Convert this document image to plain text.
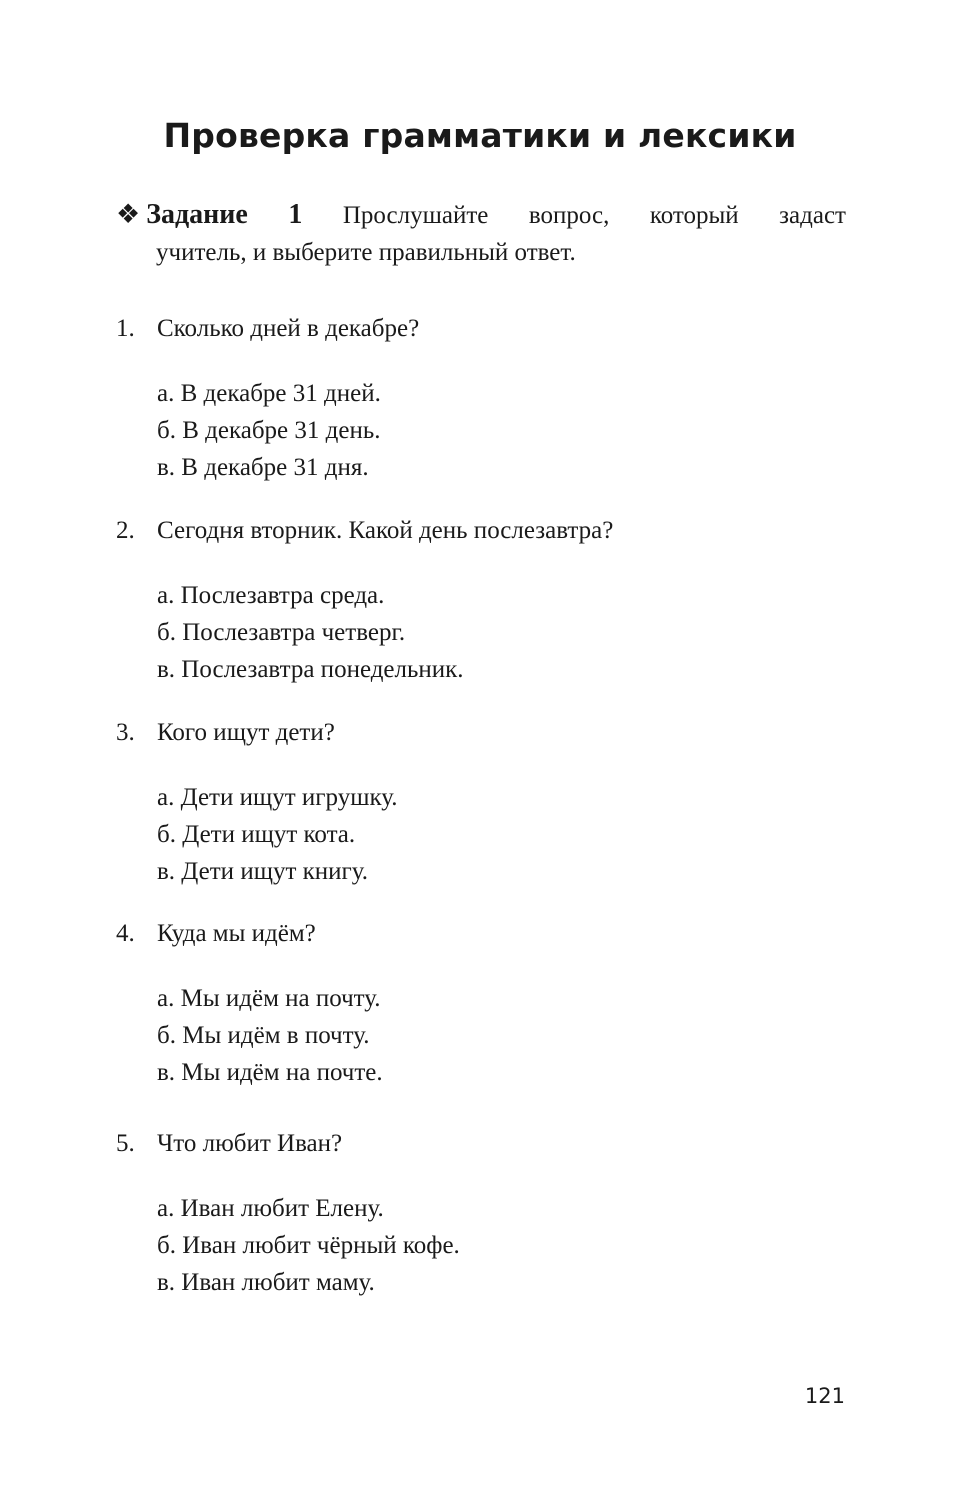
Проверка грамматики и лексики
❖ Задание 1 Прослушайте вопрос, который задаст
учитель, и выберите правильный ответ.
1. Сколько дней в декабре?
а. В декабре 31 дней.
б. В декабре 31 день.
в. В декабре 31 дня.
2. Сегодня вторник. Какой день послезавтра?
а. Послезавтра среда.
б. Послезавтра четверг.
в. Послезавтра понедельник.
3. Кого ищут дети?
а. Дети ищут игрушку.
б. Дети ищут кота.
в. Дети ищут книгу.
4. Куда мы идём?
а. Мы идём на почту.
б. Мы идём в почту.
в. Мы идём на почте.
5. Что любит Иван?
а. Иван любит Елену.
б. Иван любит чёрный кофе.
в. Иван любит маму.
121
